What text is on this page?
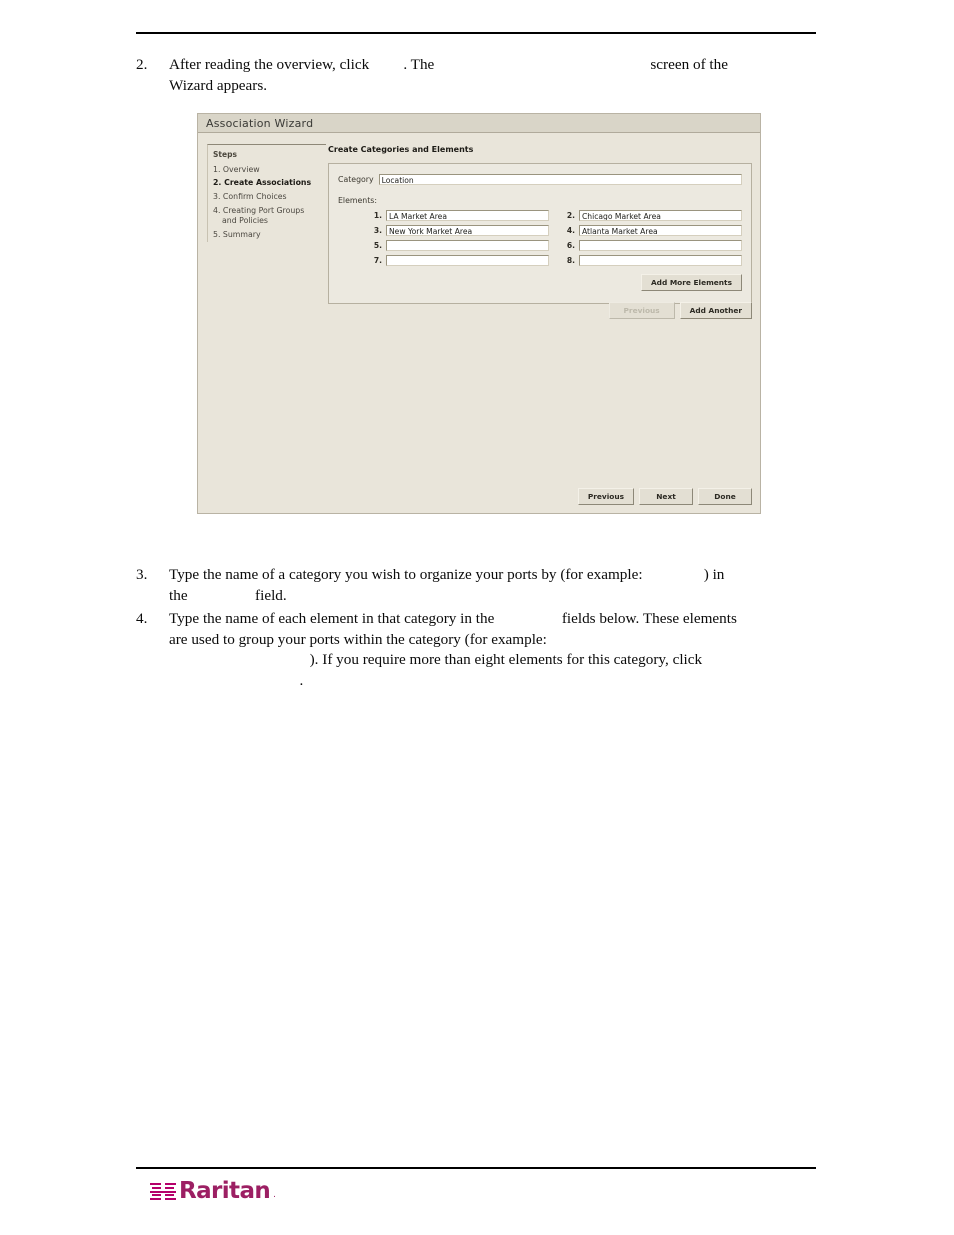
2.	After reading the overview, click . The	screen of the
Wizard appears.
Association Wizard
Steps
1. Overview
2. Create Associations
3. Confirm Choices
4. Creating Port Groups
and Policies
5. Summary
Create Categories and Elements
Category	Location
Elements:
1. LA Market Area	2. Chicago Market Area
3. New York Market Area	4. Atlanta Market Area
5.	6.
7.	8.
Add More Elements
Previous	Add Another
Previous	Next	Done
3.	Type the name of a category you wish to organize your ports by (for example:	) in
the	field.
4.	Type the name of each element in that category in the	fields below. These elements
are used to group your ports within the category (for example:
). If you require more than eight elements for this category, click
.
Raritan .
